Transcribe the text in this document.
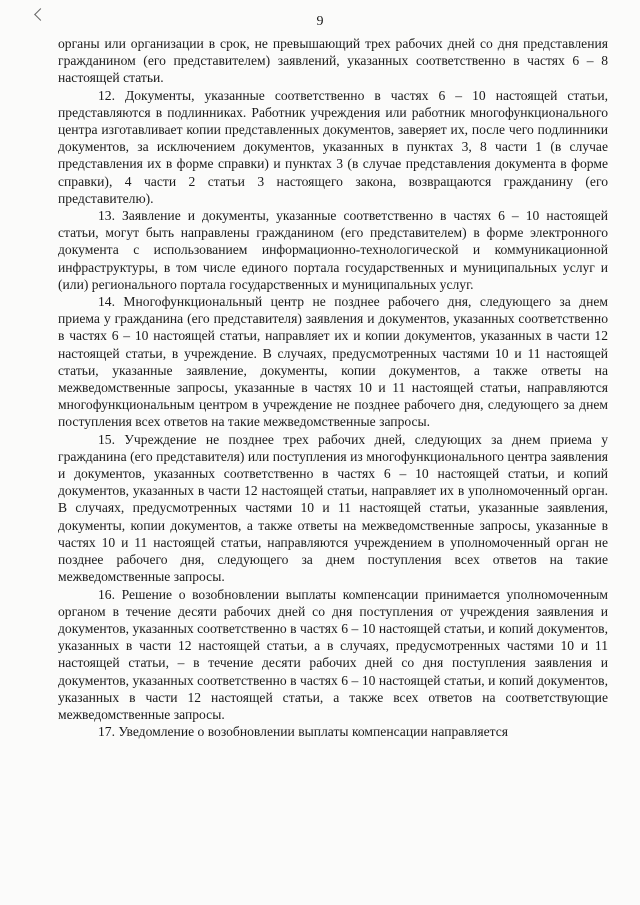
9

органы или организации в срок, не превышающий трех рабочих дней со дня представления гражданином (его представителем) заявлений, указанных соответственно в частях 6 – 8 настоящей статьи.

12. Документы, указанные соответственно в частях 6 – 10 настоящей статьи, представляются в подлинниках. Работник учреждения или работник многофункционального центра изготавливает копии представленных документов, заверяет их, после чего подлинники документов, за исключением документов, указанных в пунктах 3, 8 части 1 (в случае представления их в форме справки) и пунктах 3 (в случае представления документа в форме справки), 4 части 2 статьи 3 настоящего закона, возвращаются гражданину (его представителю).

13. Заявление и документы, указанные соответственно в частях 6 – 10 настоящей статьи, могут быть направлены гражданином (его представителем) в форме электронного документа с использованием информационно-технологической и коммуникационной инфраструктуры, в том числе единого портала государственных и муниципальных услуг и (или) регионального портала государственных и муниципальных услуг.

14. Многофункциональный центр не позднее рабочего дня, следующего за днем приема у гражданина (его представителя) заявления и документов, указанных соответственно в частях 6 – 10 настоящей статьи, направляет их и копии документов, указанных в части 12 настоящей статьи, в учреждение. В случаях, предусмотренных частями 10 и 11 настоящей статьи, указанные заявление, документы, копии документов, а также ответы на межведомственные запросы, указанные в частях 10 и 11 настоящей статьи, направляются многофункциональным центром в учреждение не позднее рабочего дня, следующего за днем поступления всех ответов на такие межведомственные запросы.

15. Учреждение не позднее трех рабочих дней, следующих за днем приема у гражданина (его представителя) или поступления из многофункционального центра заявления и документов, указанных соответственно в частях 6 – 10 настоящей статьи, и копий документов, указанных в части 12 настоящей статьи, направляет их в уполномоченный орган. В случаях, предусмотренных частями 10 и 11 настоящей статьи, указанные заявления, документы, копии документов, а также ответы на межведомственные запросы, указанные в частях 10 и 11 настоящей статьи, направляются учреждением в уполномоченный орган не позднее рабочего дня, следующего за днем поступления всех ответов на такие межведомственные запросы.

16. Решение о возобновлении выплаты компенсации принимается уполномоченным органом в течение десяти рабочих дней со дня поступления от учреждения заявления и документов, указанных соответственно в частях 6 – 10 настоящей статьи, и копий документов, указанных в части 12 настоящей статьи, а в случаях, предусмотренных частями 10 и 11 настоящей статьи, – в течение десяти рабочих дней со дня поступления заявления и документов, указанных соответственно в частях 6 – 10 настоящей статьи, и копий документов, указанных в части 12 настоящей статьи, а также всех ответов на соответствующие межведомственные запросы.

17. Уведомление о возобновлении выплаты компенсации направляется
